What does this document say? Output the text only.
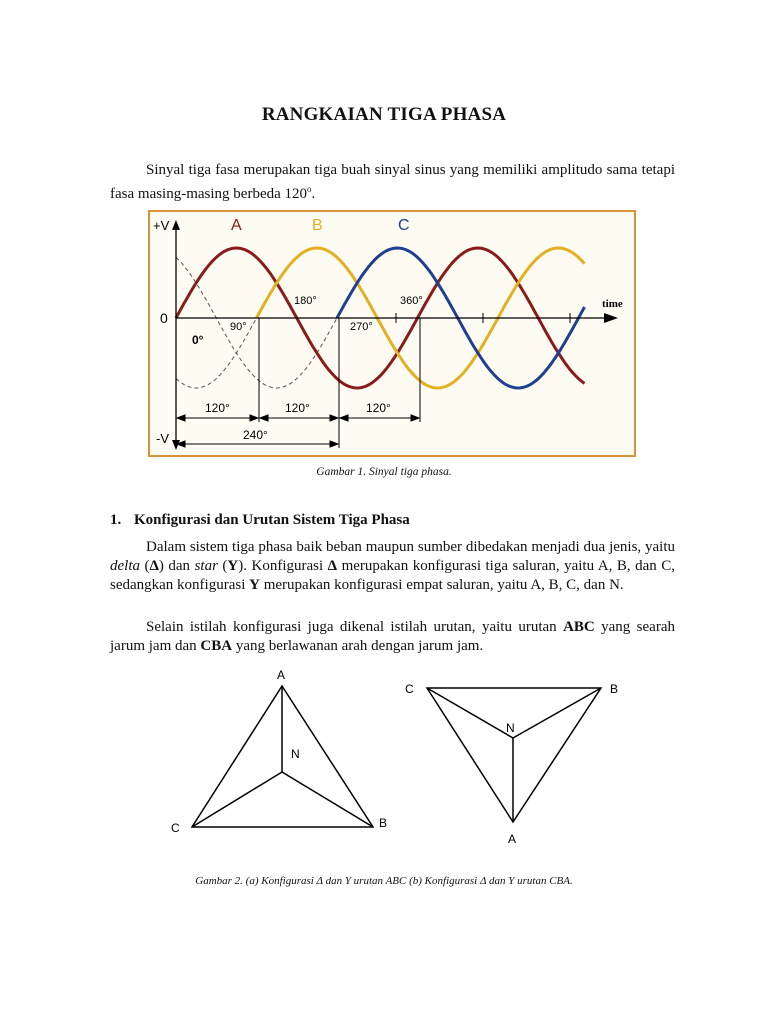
RANGKAIAN TIGA PHASA
Sinyal tiga fasa merupakan tiga buah sinyal sinus yang memiliki amplitudo sama tetapi fasa masing-masing berbeda $120^o$.
+V
-V
0
time
A	B	C
0°
90°
180°
270°
360°
120°	120°	120°
240°
Gambar 1. Sinyal tiga phasa.
1. Konfigurasi dan Urutan Sistem Tiga Phasa
Dalam sistem tiga phasa baik beban maupun sumber dibedakan menjadi dua jenis, yaitu delta (Δ) dan star (Y). Konfigurasi Δ merupakan konfigurasi tiga saluran, yaitu A, B, dan C, sedangkan konfigurasi Y merupakan konfigurasi empat saluran, yaitu A, B, C, dan N.
Selain istilah konfigurasi juga dikenal istilah urutan, yaitu urutan ABC yang searah jarum jam dan CBA yang berlawanan arah dengan jarum jam.
A
C	B
N
C	B
A
N
Gambar 2. (a) Konfigurasi Δ dan Y urutan ABC (b) Konfigurasi Δ dan Y urutan CBA.
